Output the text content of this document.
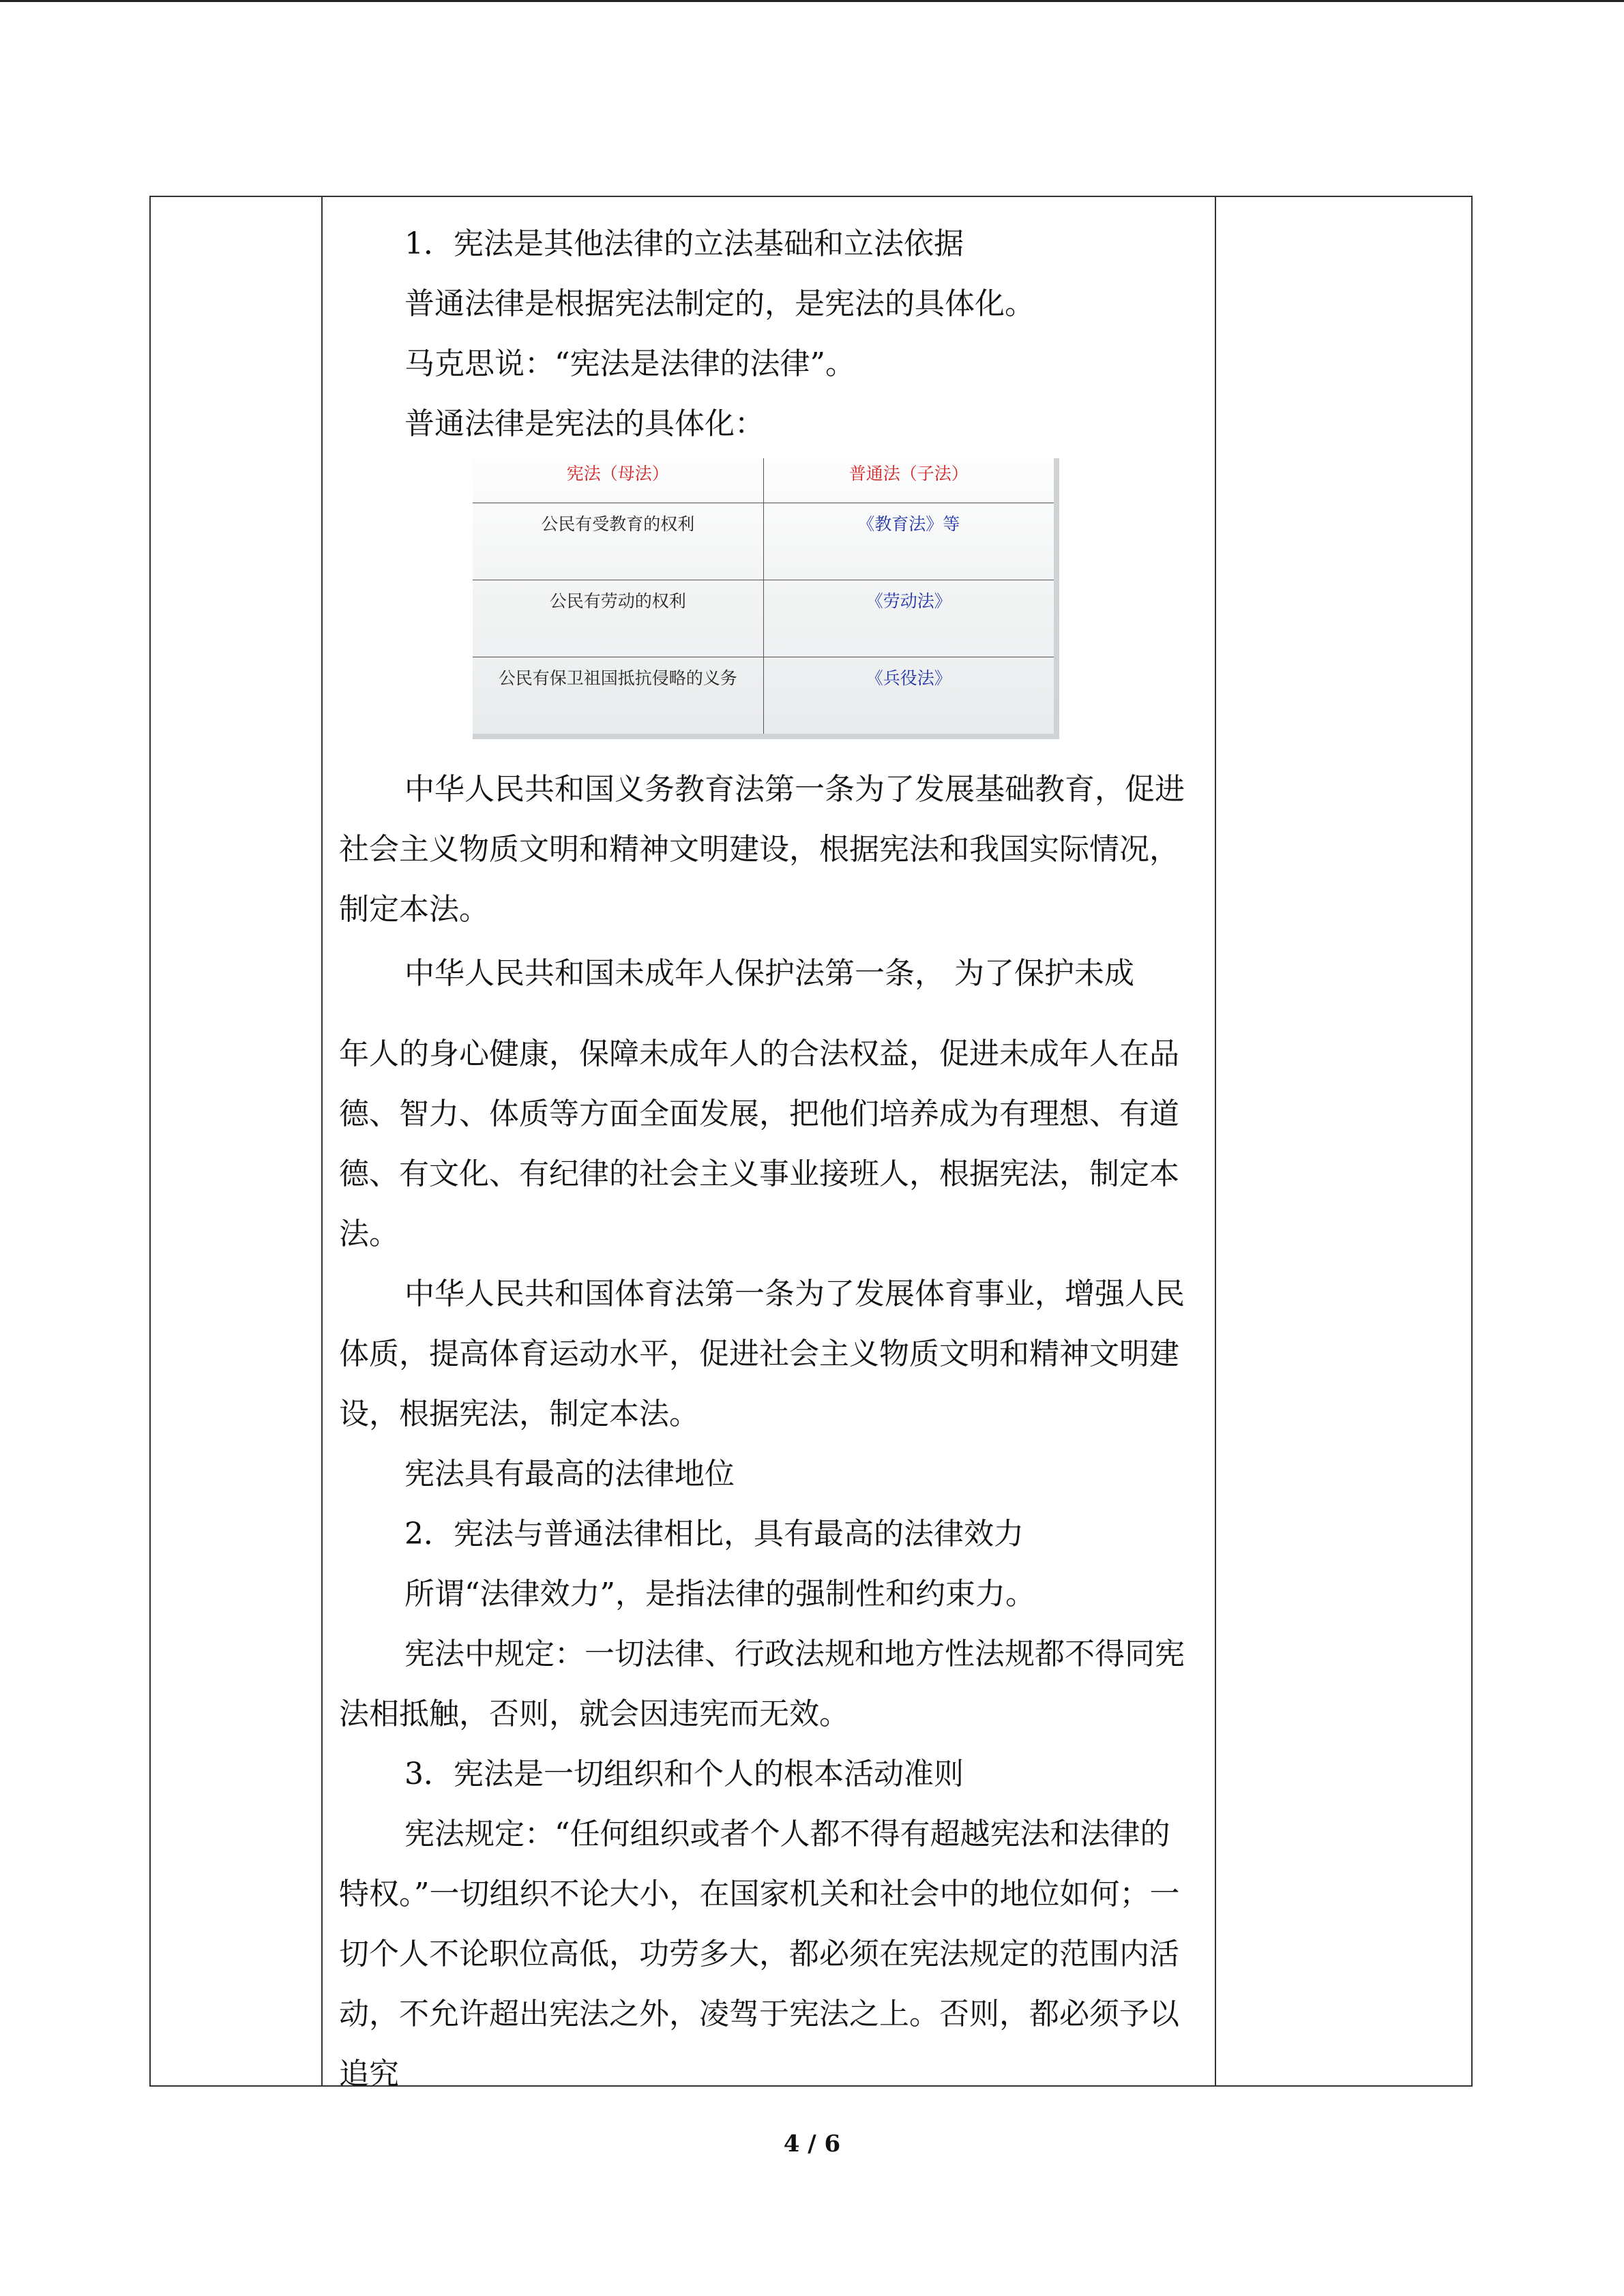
1．宪法是其他法律的立法基础和立法依据

普通法律是根据宪法制定的，是宪法的具体化。

马克思说：“宪法是法律的法律”。

普通法律是宪法的具体化：

宪法（母法）	普通法（子法）
公民有受教育的权利	《教育法》等
公民有劳动的权利	《劳动法》
公民有保卫祖国抵抗侵略的义务	《兵役法》

中华人民共和国义务教育法第一条为了发展基础教育，促进社会主义物质文明和精神文明建设，根据宪法和我国实际情况，制定本法。

中华人民共和国未成年人保护法第一条， 为了保护未成

年人的身心健康，保障未成年人的合法权益，促进未成年人在品德、智力、体质等方面全面发展，把他们培养成为有理想、有道德、有文化、有纪律的社会主义事业接班人，根据宪法，制定本法。

中华人民共和国体育法第一条为了发展体育事业，增强人民体质，提高体育运动水平，促进社会主义物质文明和精神文明建设，根据宪法，制定本法。

宪法具有最高的法律地位

2．宪法与普通法律相比，具有最高的法律效力

所谓“法律效力”，是指法律的强制性和约束力。

宪法中规定：一切法律、行政法规和地方性法规都不得同宪法相抵触，否则，就会因违宪而无效。

3．宪法是一切组织和个人的根本活动准则

宪法规定：“任何组织或者个人都不得有超越宪法和法律的特权。”一切组织不论大小，在国家机关和社会中的地位如何；一切个人不论职位高低，功劳多大，都必须在宪法规定的范围内活动，不允许超出宪法之外，凌驾于宪法之上。否则，都必须予以追究

4 / 6
